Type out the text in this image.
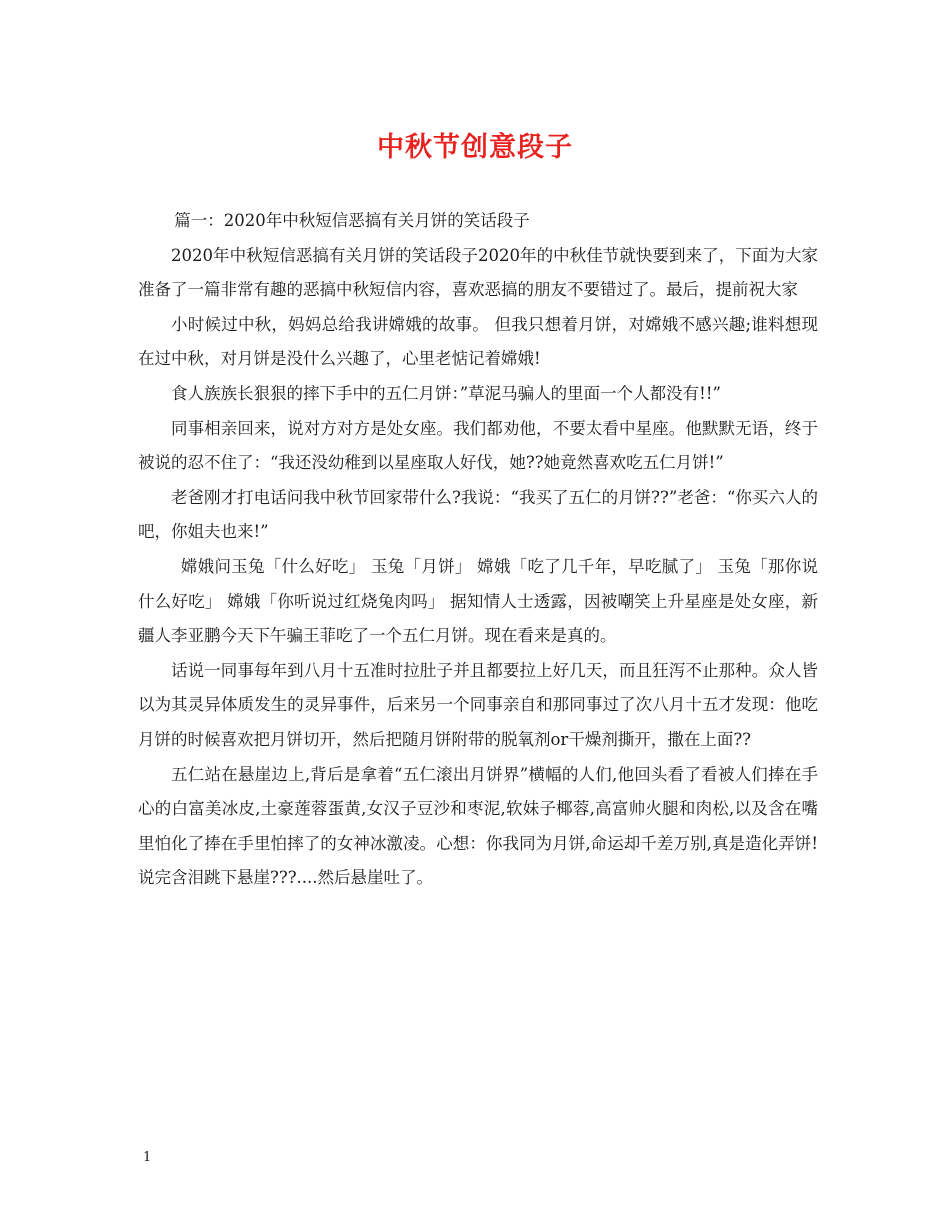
中秋节创意段子

篇一：2020年中秋短信恶搞有关月饼的笑话段子

2020年中秋短信恶搞有关月饼的笑话段子2020年的中秋佳节就快要到来了，下面为大家准备了一篇非常有趣的恶搞中秋短信内容，喜欢恶搞的朋友不要错过了。最后，提前祝大家

小时候过中秋，妈妈总给我讲嫦娥的故事。 但我只想着月饼，对嫦娥不感兴趣;谁料想现在过中秋，对月饼是没什么兴趣了，心里老惦记着嫦娥!

食人族族长狠狠的摔下手中的五仁月饼：”草泥马骗人的里面一个人都没有!!”

同事相亲回来，说对方对方是处女座。我们都劝他，不要太看中星座。他默默无语，终于被说的忍不住了：“我还没幼稚到以星座取人好伐，她??她竟然喜欢吃五仁月饼!”

老爸刚才打电话问我中秋节回家带什么?我说：“我买了五仁的月饼??”老爸：“你买六人的吧，你姐夫也来!”

嫦娥问玉兔「什么好吃」 玉兔「月饼」 嫦娥「吃了几千年，早吃腻了」 玉兔「那你说什么好吃」 嫦娥「你听说过红烧兔肉吗」 据知情人士透露，因被嘲笑上升星座是处女座，新疆人李亚鹏今天下午骗王菲吃了一个五仁月饼。现在看来是真的。

话说一同事每年到八月十五准时拉肚子并且都要拉上好几天，而且狂泻不止那种。众人皆以为其灵异体质发生的灵异事件，后来另一个同事亲自和那同事过了次八月十五才发现：他吃月饼的时候喜欢把月饼切开，然后把随月饼附带的脱氧剂or干燥剂撕开，撒在上面??

五仁站在悬崖边上,背后是拿着“五仁滚出月饼界”横幅的人们,他回头看了看被人们捧在手心的白富美冰皮,土豪莲蓉蛋黄,女汉子豆沙和枣泥,软妹子椰蓉,高富帅火腿和肉松,以及含在嘴里怕化了捧在手里怕摔了的女神冰激凌。心想：你我同为月饼,命运却千差万别,真是造化弄饼!说完含泪跳下悬崖???....然后悬崖吐了。

1
